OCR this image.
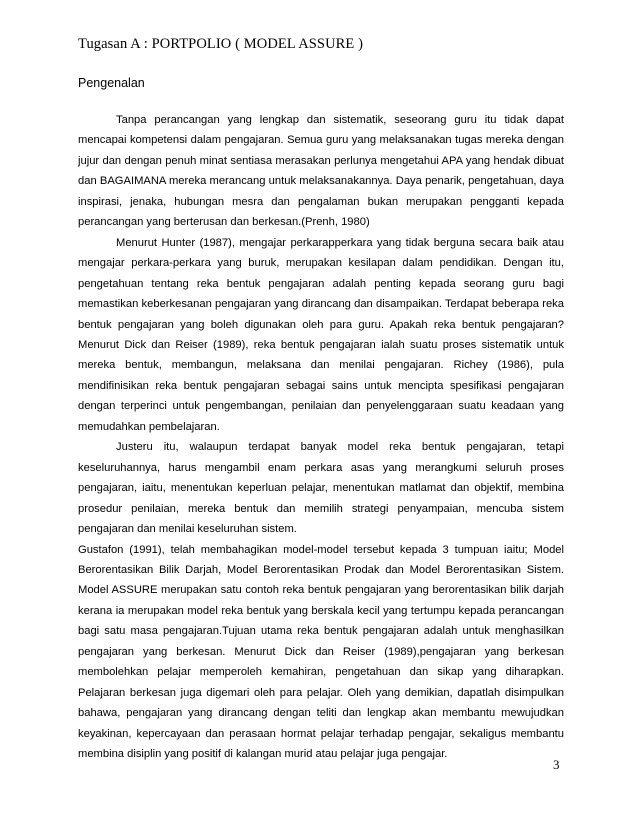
Tugasan A : PORTPOLIO ( MODEL ASSURE )
Pengenalan

Tanpa perancangan yang lengkap dan sistematik, seseorang guru itu tidak dapat mencapai kompetensi dalam pengajaran. Semua guru yang melaksanakan tugas mereka dengan jujur dan dengan penuh minat sentiasa merasakan perlunya mengetahui APA yang hendak dibuat dan BAGAIMANA mereka merancang untuk melaksanakannya. Daya penarik, pengetahuan, daya inspirasi, jenaka, hubungan mesra dan pengalaman bukan merupakan pengganti kepada perancangan yang berterusan dan berkesan.(Prenh, 1980)

Menurut Hunter (1987), mengajar perkarapperkara yang tidak berguna secara baik atau mengajar perkara-perkara yang buruk, merupakan kesilapan dalam pendidikan. Dengan itu, pengetahuan tentang reka bentuk pengajaran adalah penting kepada seorang guru bagi memastikan keberkesanan pengajaran yang dirancang dan disampaikan. Terdapat beberapa reka bentuk pengajaran yang boleh digunakan oleh para guru. Apakah reka bentuk pengajaran? Menurut Dick dan Reiser (1989), reka bentuk pengajaran ialah suatu proses sistematik untuk mereka bentuk, membangun, melaksana dan menilai pengajaran. Richey (1986), pula mendifinisikan reka bentuk pengajaran sebagai sains untuk mencipta spesifikasi pengajaran dengan terperinci untuk pengembangan, penilaian dan penyelenggaraan suatu keadaan yang memudahkan pembelajaran.

Justeru itu, walaupun terdapat banyak model reka bentuk pengajaran, tetapi keseluruhannya, harus mengambil enam perkara asas yang merangkumi seluruh proses pengajaran, iaitu, menentukan keperluan pelajar, menentukan matlamat dan objektif, membina prosedur penilaian, mereka bentuk dan memilih strategi penyampaian, mencuba sistem pengajaran dan menilai keseluruhan sistem.

Gustafon (1991), telah membahagikan model-model tersebut kepada 3 tumpuan iaitu; Model Berorentasikan Bilik Darjah, Model Berorentasikan Prodak dan Model Berorentasikan Sistem. Model ASSURE merupakan satu contoh reka bentuk pengajaran yang berorentasikan bilik darjah kerana ia merupakan model reka bentuk yang berskala kecil yang tertumpu kepada perancangan bagi satu masa pengajaran.Tujuan utama reka bentuk pengajaran adalah untuk menghasilkan pengajaran yang berkesan. Menurut Dick dan Reiser (1989),pengajaran yang berkesan membolehkan pelajar memperoleh kemahiran, pengetahuan dan sikap yang diharapkan. Pelajaran berkesan juga digemari oleh para pelajar. Oleh yang demikian, dapatlah disimpulkan bahawa, pengajaran yang dirancang dengan teliti dan lengkap akan membantu mewujudkan keyakinan, kepercayaan dan perasaan hormat pelajar terhadap pengajar, sekaligus membantu membina disiplin yang positif di kalangan murid atau pelajar juga pengajar.

3
